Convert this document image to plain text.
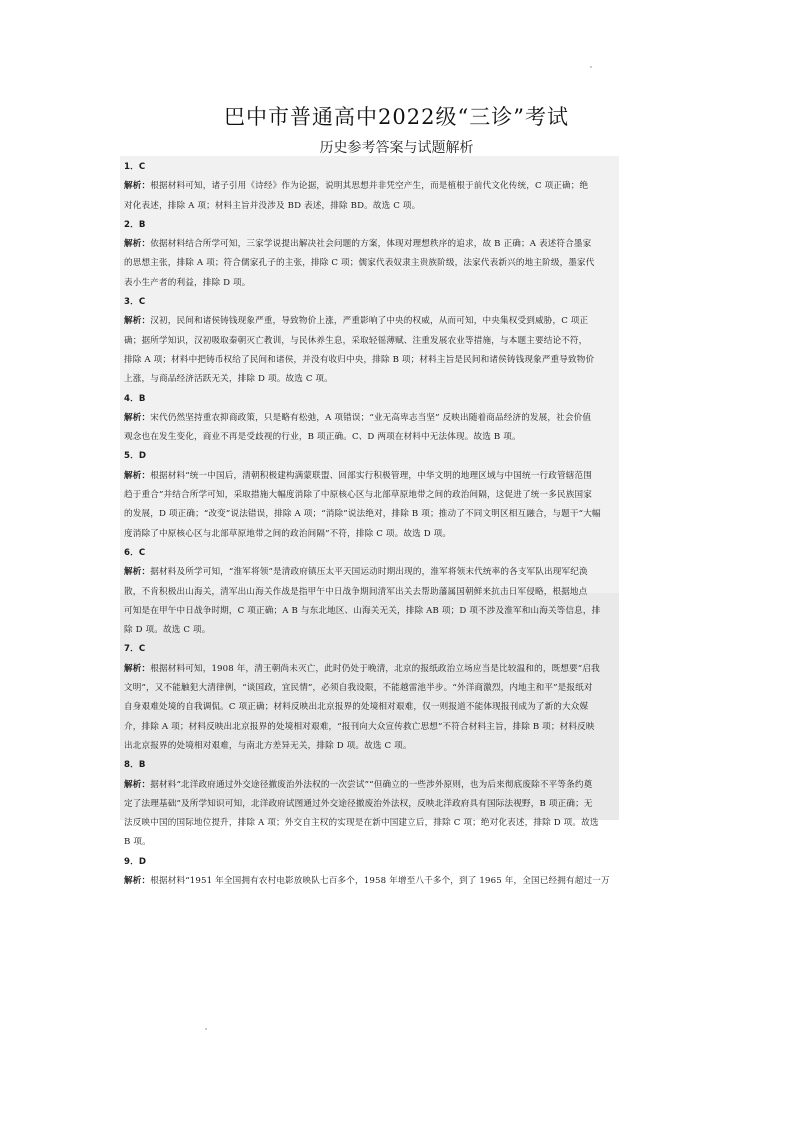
巴中市普通高中2022级“三诊”考试
历史参考答案与试题解析
1．C
解析：根据材料可知，诸子引用《诗经》作为论据，说明其思想并非凭空产生，而是植根于前代文化传统，C 项正确；绝
对化表述，排除 A 项；材料主旨并没涉及 BD 表述，排除 BD。故选 C 项。
2．B
解析：依据材料结合所学可知，三家学说提出解决社会问题的方案，体现对理想秩序的追求，故 B 正确；A 表述符合墨家
的思想主张，排除 A 项；符合儒家孔子的主张，排除 C 项；儒家代表奴隶主贵族阶级，法家代表新兴的地主阶级，墨家代
表小生产者的利益，排除 D 项。
3．C
解析：汉初，民间和诸侯铸钱现象严重，导致物价上涨，严重影响了中央的权威，从而可知，中央集权受到威胁，C 项正
确；据所学知识，汉初吸取秦朝灭亡教训，与民休养生息，采取轻徭薄赋、注重发展农业等措施，与本题主要结论不符，
排除 A 项；材料中把铸币权给了民间和诸侯，并没有收归中央，排除 B 项；材料主旨是民间和诸侯铸钱现象严重导致物价
上涨，与商品经济活跃无关，排除 D 项。故选 C 项。
4．B
解析：宋代仍然坚持重农抑商政策，只是略有松弛，A 项错误；“业无高卑志当坚” 反映出随着商品经济的发展，社会价值
观念也在发生变化，商业不再是受歧视的行业，B 项正确。C、D 两项在材料中无法体现。故选 B 项。
5．D
解析：根据材料“统一中国后，清朝积极建构满蒙联盟、回部实行积极管理，中华文明的地理区域与中国统一行政管辖范围
趋于重合”并结合所学可知，采取措施大幅度消除了中原核心区与北部草原地带之间的政治间隔，这促进了统一多民族国家
的发展，D 项正确；“改变”说法错误，排除 A 项；“消除”说法绝对，排除 B 项；推动了不同文明区相互融合，与题干“大幅
度消除了中原核心区与北部草原地带之间的政治间隔”不符，排除 C 项。故选 D 项。
6．C
解析：据材料及所学可知，“淮军将领”是清政府镇压太平天国运动时期出现的，淮军将领末代统率的各支军队出现军纪涣
散，不肯积极出山海关，清军出山海关作战是指甲午中日战争期间清军出关去帮助藩属国朝鲜来抗击日军侵略，根据地点
可知是在甲午中日战争时期，C 项正确；A B 与东北地区、山海关无关，排除 AB 项；D 项不涉及淮军和山海关等信息，排
除 D 项。故选 C 项。
7．C
解析：根据材料可知，1908 年，清王朝尚未灭亡，此时仍处于晚清，北京的报纸政治立场应当是比较温和的，既想要“启我
文明”，又不能触犯大清律例，“谈国政，宜民情”，必须自我设限，不能越雷池半步。“外洋商激烈，内地主和平”是报纸对
自身艰难处境的自我调侃。C 项正确；材料反映出北京报界的处境相对艰难，仅一则报道不能体现报刊成为了新的大众媒
介，排除 A 项；材料反映出北京报界的处境相对艰难，“报刊向大众宣传救亡思想”不符合材料主旨，排除 B 项；材料反映
出北京报界的处境相对艰难，与南北方差异无关，排除 D 项。故选 C 项。
8．B
解析：据材料“北洋政府通过外交途径撤废治外法权的一次尝试”“但确立的一些涉外原则，也为后来彻底废除不平等条约奠
定了法理基础”及所学知识可知，北洋政府试图通过外交途径撤废治外法权，反映北洋政府具有国际法视野，B 项正确；无
法反映中国的国际地位提升，排除 A 项；外交自主权的实现是在新中国建立后，排除 C 项；绝对化表述，排除 D 项。故选
B 项。
9．D
解析：根据材料“1951 年全国拥有农村电影放映队七百多个，1958 年增至八千多个，到了 1965 年，全国已经拥有超过一万
